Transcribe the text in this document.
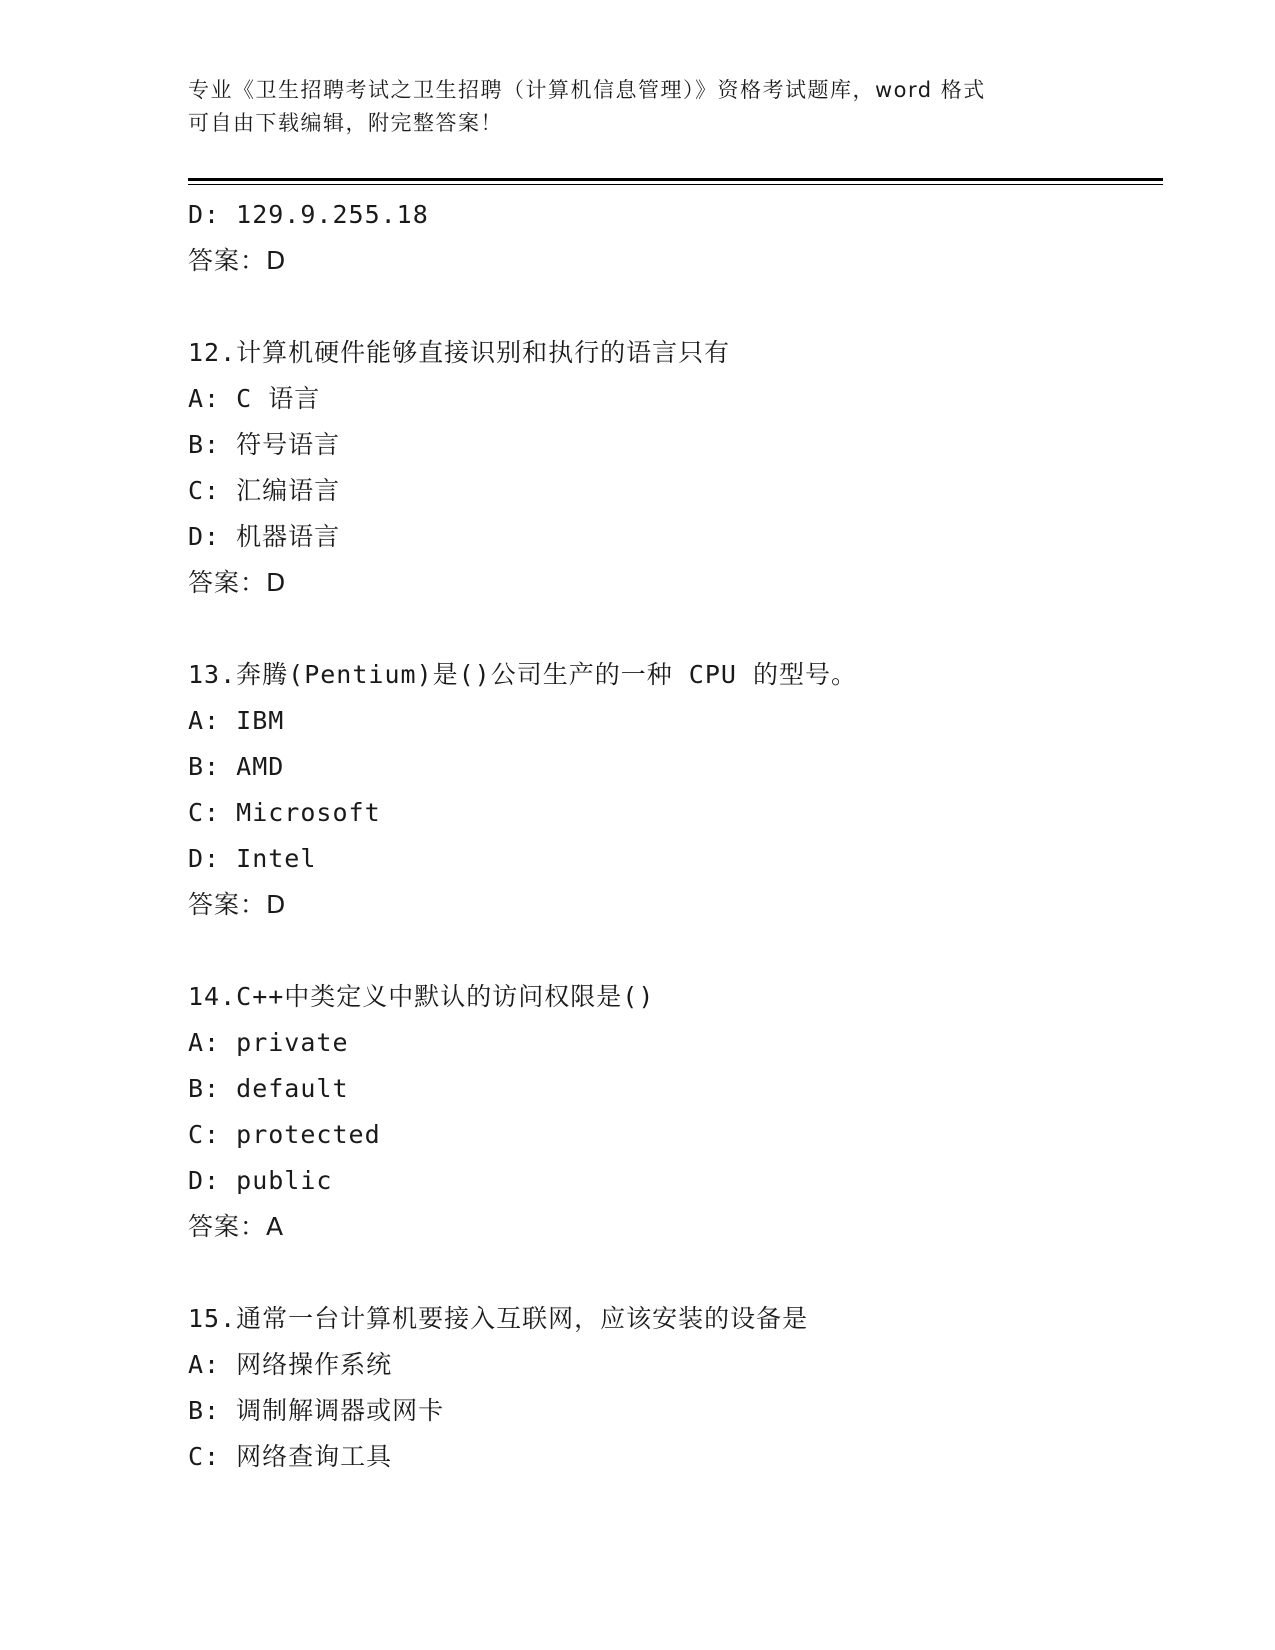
专业《卫生招聘考试之卫生招聘（计算机信息管理）》资格考试题库，word 格式
可自由下载编辑，附完整答案！
D: 129.9.255.18
答案：D
12.计算机硬件能够直接识别和执行的语言只有
A: C 语言
B: 符号语言
C: 汇编语言
D: 机器语言
答案：D
13.奔腾(Pentium)是()公司生产的一种 CPU 的型号。
A: IBM
B: AMD
C: Microsoft
D: Intel
答案：D
14.C++中类定义中默认的访问权限是()
A: private
B: default
C: protected
D: public
答案：A
15.通常一台计算机要接入互联网，应该安装的设备是
A: 网络操作系统
B: 调制解调器或网卡
C: 网络查询工具
